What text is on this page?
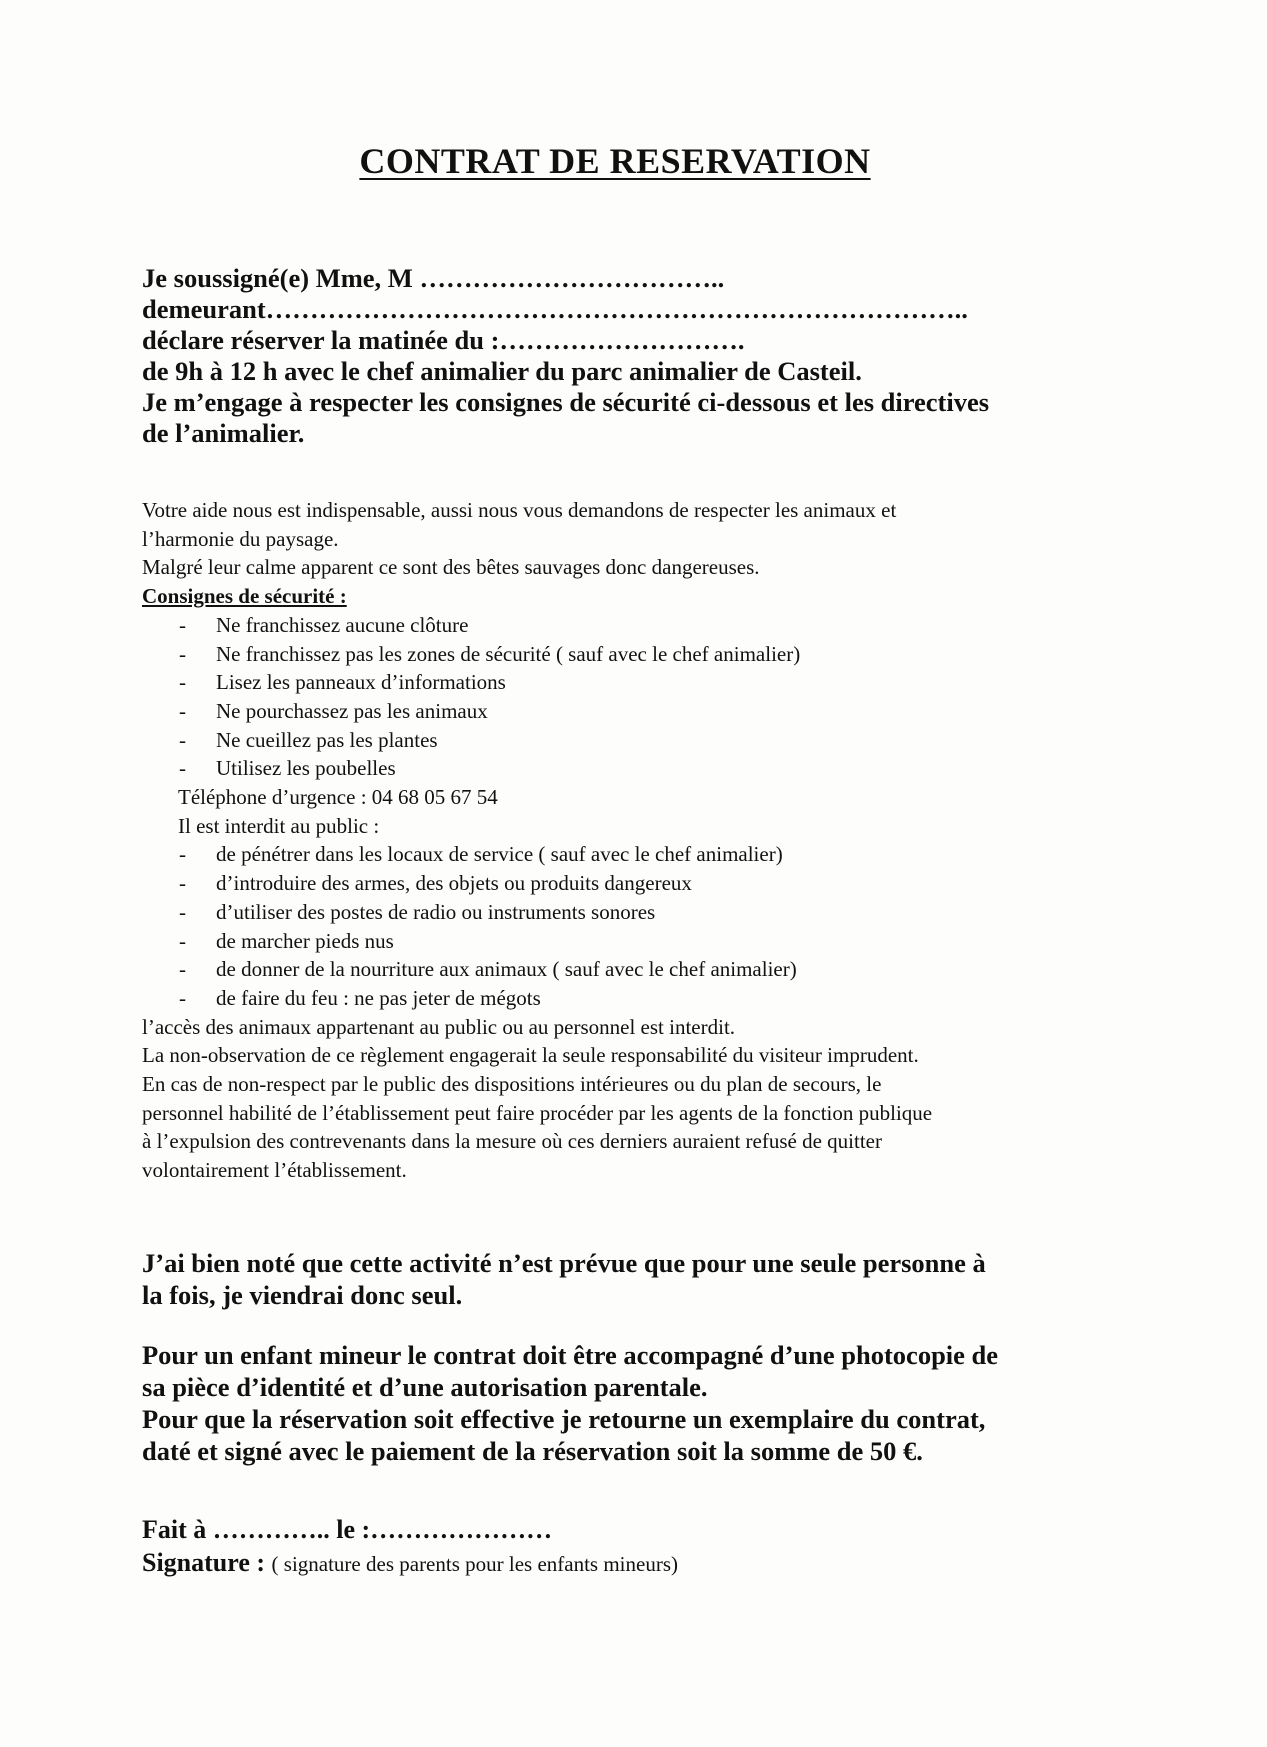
CONTRAT DE RESERVATION
Je soussigné(e) Mme, M ……………………………..
demeurant……………………………………………………………………..
déclare réserver la matinée du :……………………….
de 9h à 12 h avec le chef animalier du parc animalier de Casteil.
Je m’engage à respecter les consignes de sécurité ci-dessous et les directives
de l’animalier.
Votre aide nous est indispensable, aussi nous vous demandons de respecter les animaux et
l’harmonie du paysage.
Malgré leur calme apparent ce sont des bêtes sauvages donc dangereuses.
Consignes de sécurité :
- Ne franchissez aucune clôture
- Ne franchissez pas les zones de sécurité ( sauf avec le chef animalier)
- Lisez les panneaux d’informations
- Ne pourchassez pas les animaux
- Ne cueillez pas les plantes
- Utilisez les poubelles
Téléphone d’urgence : 04 68 05 67 54
Il est interdit au public :
- de pénétrer dans les locaux de service ( sauf avec le chef animalier)
- d’introduire des armes, des objets ou produits dangereux
- d’utiliser des postes de radio ou instruments sonores
- de marcher pieds nus
- de donner de la nourriture aux animaux ( sauf avec le chef animalier)
- de faire du feu : ne pas jeter de mégots
l’accès des animaux appartenant au public ou au personnel est interdit.
La non-observation de ce règlement engagerait la seule responsabilité du visiteur imprudent.
En cas de non-respect par le public des dispositions intérieures ou du plan de secours, le
personnel habilité de l’établissement peut faire procéder par les agents de la fonction publique
à l’expulsion des contrevenants dans la mesure où ces derniers auraient refusé de quitter
volontairement l’établissement.

J’ai bien noté que cette activité n’est prévue que pour une seule personne à

la fois, je viendrai donc seul.

Pour un enfant mineur le contrat doit être accompagné d’une photocopie de

sa pièce d’identité et d’une autorisation parentale.

Pour que la réservation soit effective je retourne un exemplaire du contrat,

daté et signé avec le paiement de la réservation soit la somme de 50 €.

Fait à ………….. le :…………………
Signature : ( signature des parents pour les enfants mineurs)
